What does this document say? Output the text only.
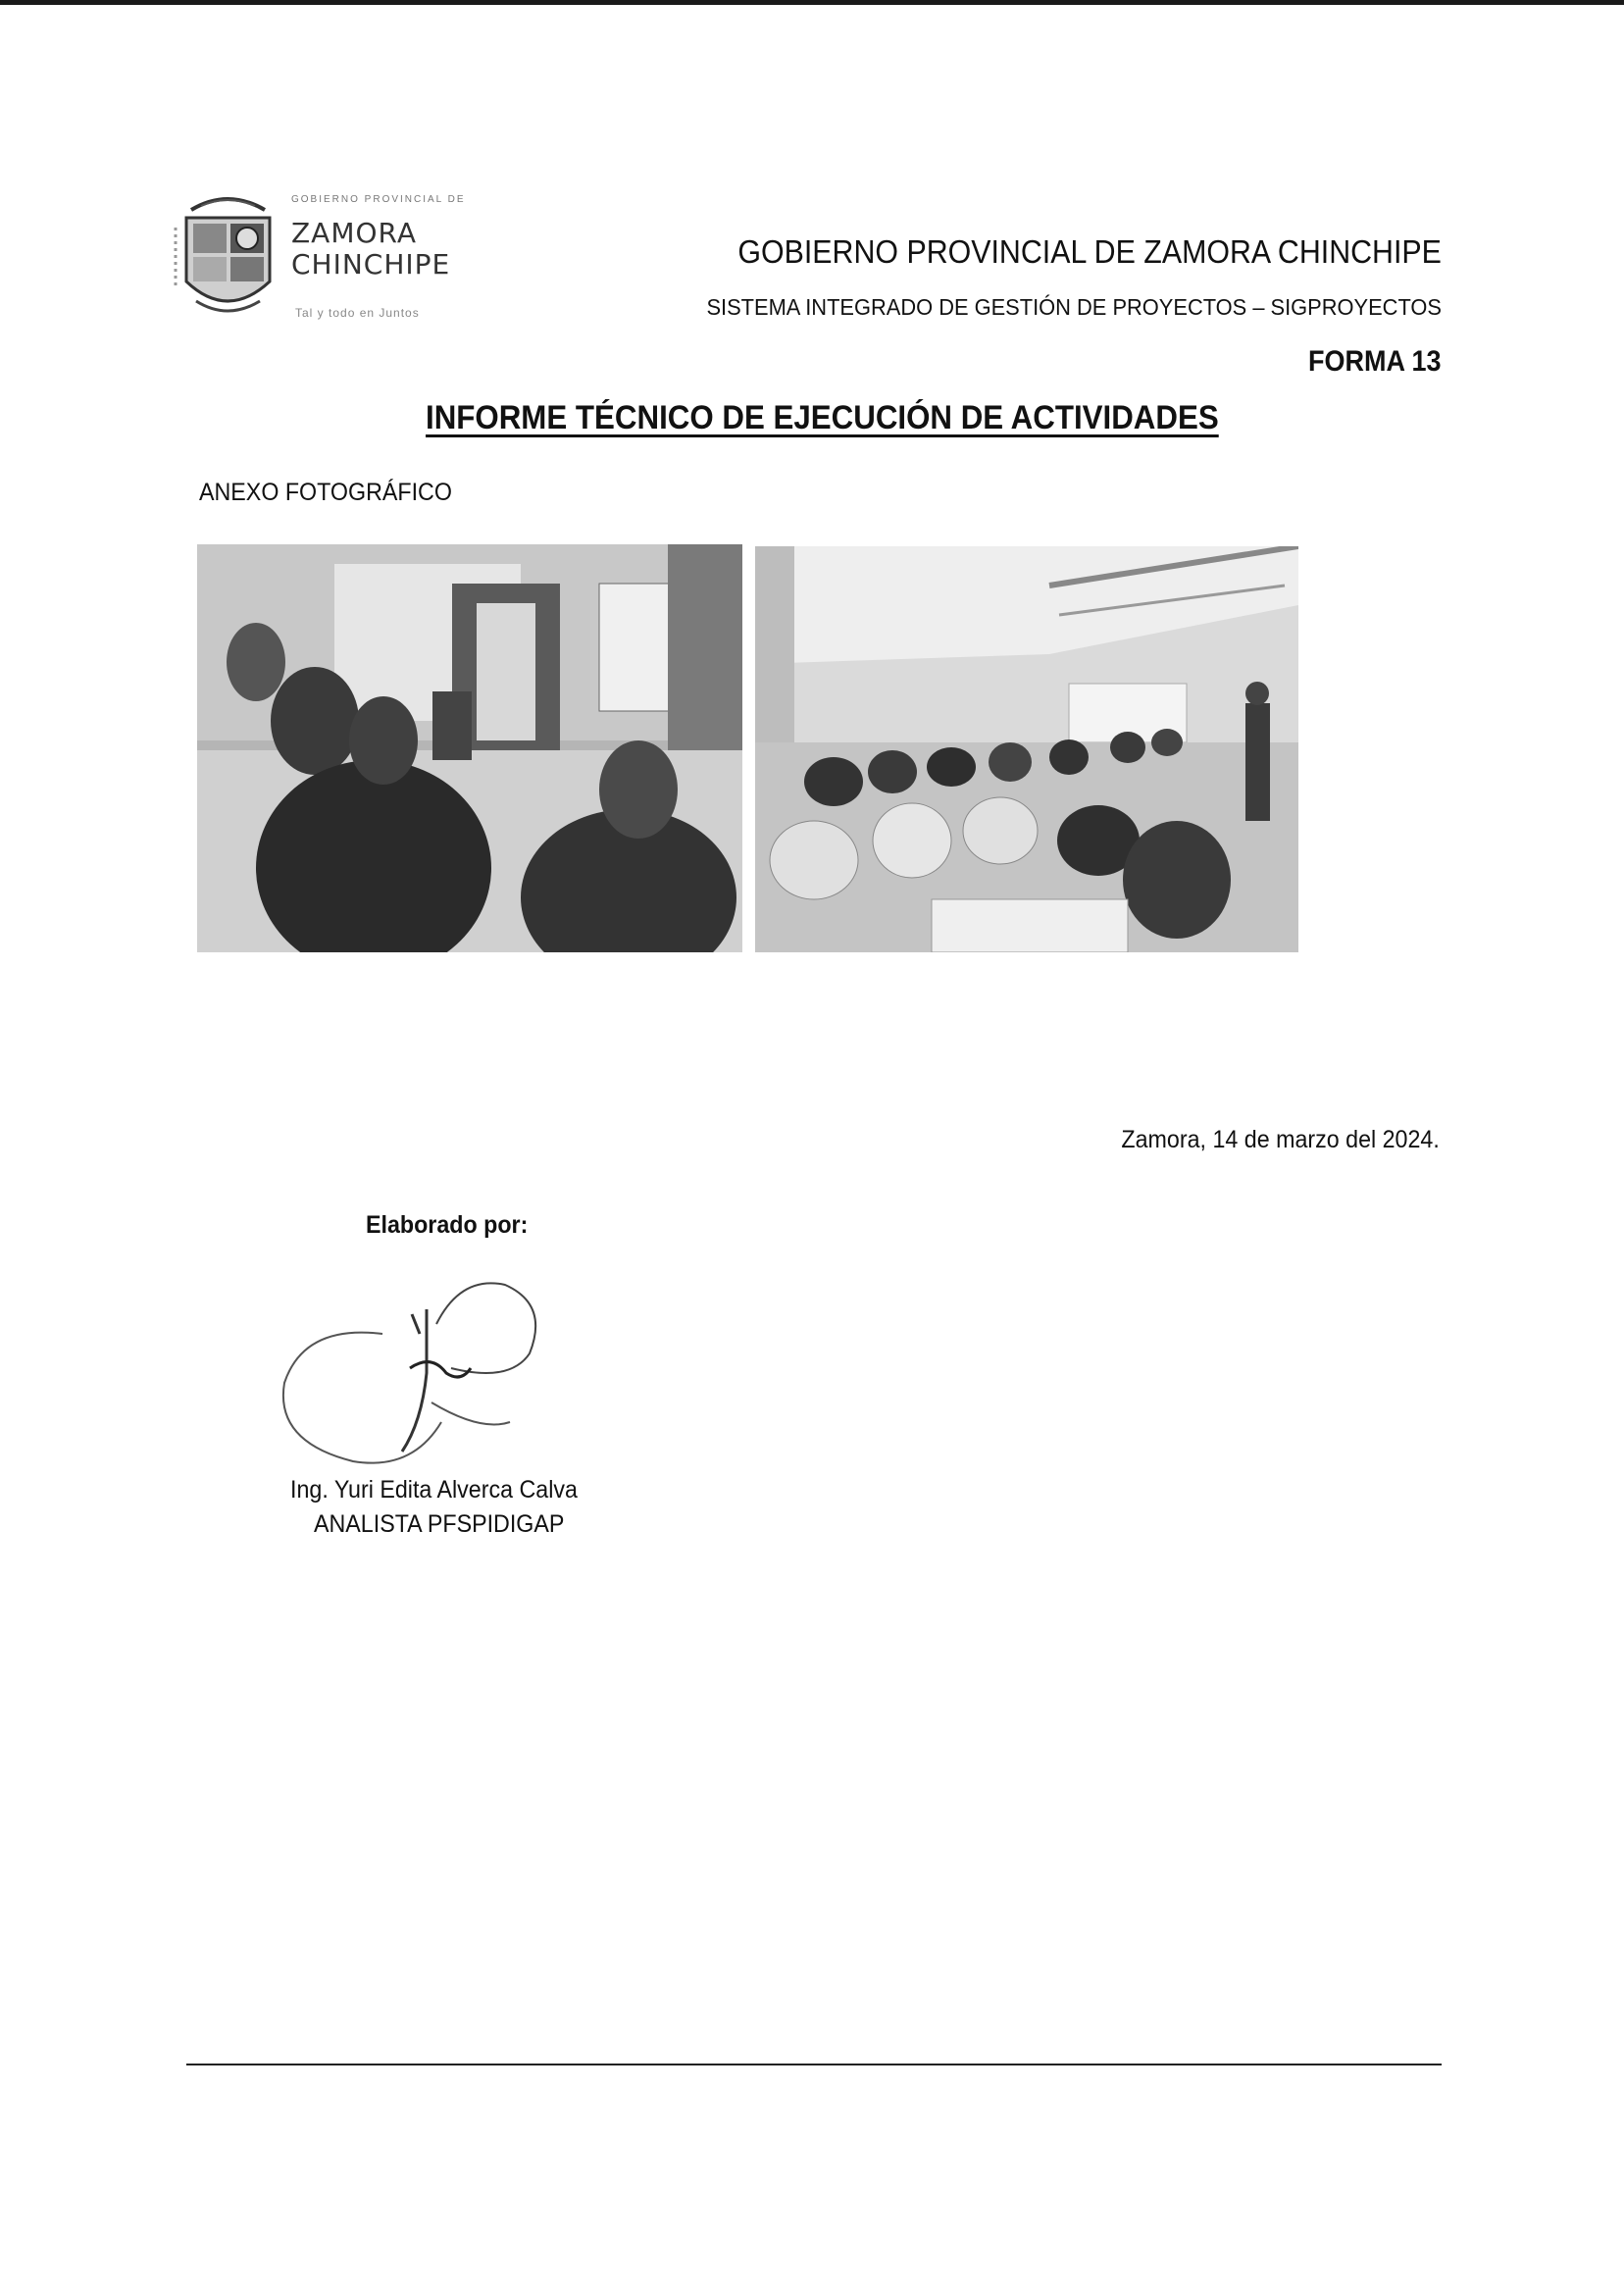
GOBIERNO PROVINCIAL DE
ZAMORA
CHINCHIPE
Tal y todo en Juntos
GOBIERNO PROVINCIAL DE ZAMORA CHINCHIPE
SISTEMA INTEGRADO DE GESTIÓN DE PROYECTOS – SIGPROYECTOS
FORMA 13
INFORME TÉCNICO DE EJECUCIÓN DE ACTIVIDADES
ANEXO FOTOGRÁFICO
Zamora, 14 de marzo del 2024.
Elaborado por:
Ing. Yuri Edita Alverca Calva
ANALISTA PFSPIDIGAP
